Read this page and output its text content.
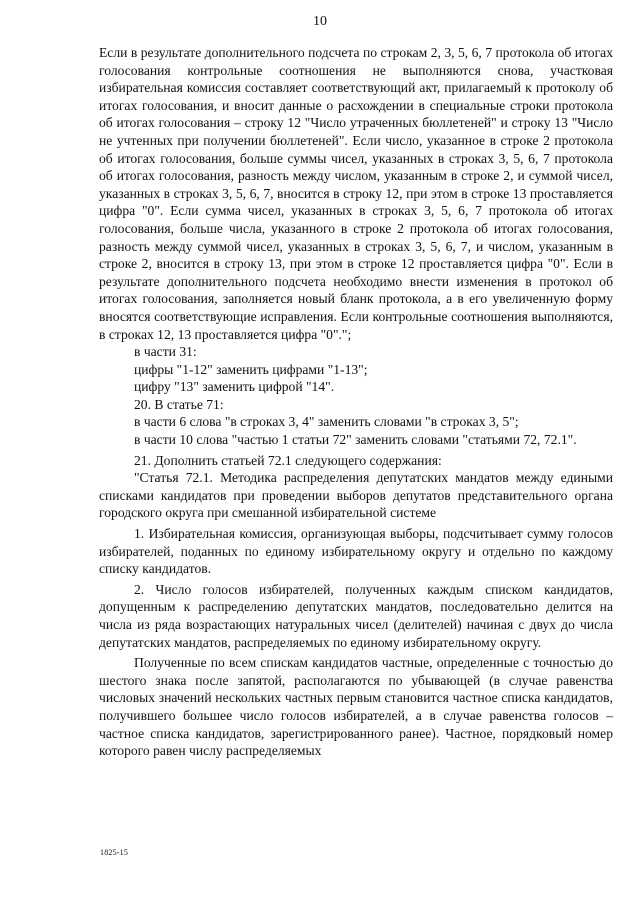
10

Если в результате дополнительного подсчета по строкам 2, 3, 5, 6, 7 протокола об итогах голосования контрольные соотношения не выполняются снова, участковая избирательная комиссия составляет соответствующий акт, прилагаемый к протоколу об итогах голосования, и вносит данные о расхождении в специальные строки протокола об итогах голосования – строку 12 "Число утраченных бюллетеней" и строку 13 "Число не учтенных при получении бюллетеней". Если число, указанное в строке 2 протокола об итогах голосования, больше суммы чисел, указанных в строках 3, 5, 6, 7 протокола об итогах голосования, разность между числом, указанным в строке 2, и суммой чисел, указанных в строках 3, 5, 6, 7, вносится в строку 12, при этом в строке 13 проставляется цифра "0". Если сумма чисел, указанных в строках 3, 5, 6, 7 протокола об итогах голосования, больше числа, указанного в строке 2 протокола об итогах голосования, разность между суммой чисел, указанных в строках 3, 5, 6, 7, и числом, указанным в строке 2, вносится в строку 13, при этом в строке 12 проставляется цифра "0". Если в результате дополнительного подсчета необходимо внести изменения в протокол об итогах голосования, заполняется новый бланк протокола, а в его увеличенную форму вносятся соответствующие исправления. Если контрольные соотношения выполняются, в строках 12, 13 проставляется цифра "0".";

в части 31:

цифры "1-12" заменить цифрами "1-13";

цифру "13" заменить цифрой "14".

20. В статье 71:

в части 6 слова "в строках 3, 4" заменить словами "в строках 3, 5";

в части 10 слова "частью 1 статьи 72" заменить словами "статьями 72, 72.1".

21. Дополнить статьей 72.1 следующего содержания:

"Статья 72.1. Методика распределения депутатских мандатов между едиными списками кандидатов при проведении выборов депутатов представительного органа городского округа при смешанной избирательной системе

1. Избирательная комиссия, организующая выборы, подсчитывает сумму голосов избирателей, поданных по единому избирательному округу и отдельно по каждому списку кандидатов.

2. Число голосов избирателей, полученных каждым списком кандидатов, допущенным к распределению депутатских мандатов, последовательно делится на числа из ряда возрастающих натуральных чисел (делителей) начиная с двух до числа депутатских мандатов, распределяемых по единому избирательному округу.

Полученные по всем спискам кандидатов частные, определенные с точностью до шестого знака после запятой, располагаются по убывающей (в случае равенства числовых значений нескольких частных первым становится частное списка кандидатов, получившего большее число голосов избирателей, а в случае равенства голосов – частное списка кандидатов, зарегистрированного ранее). Частное, порядковый номер которого равен числу распределяемых

1825-15
